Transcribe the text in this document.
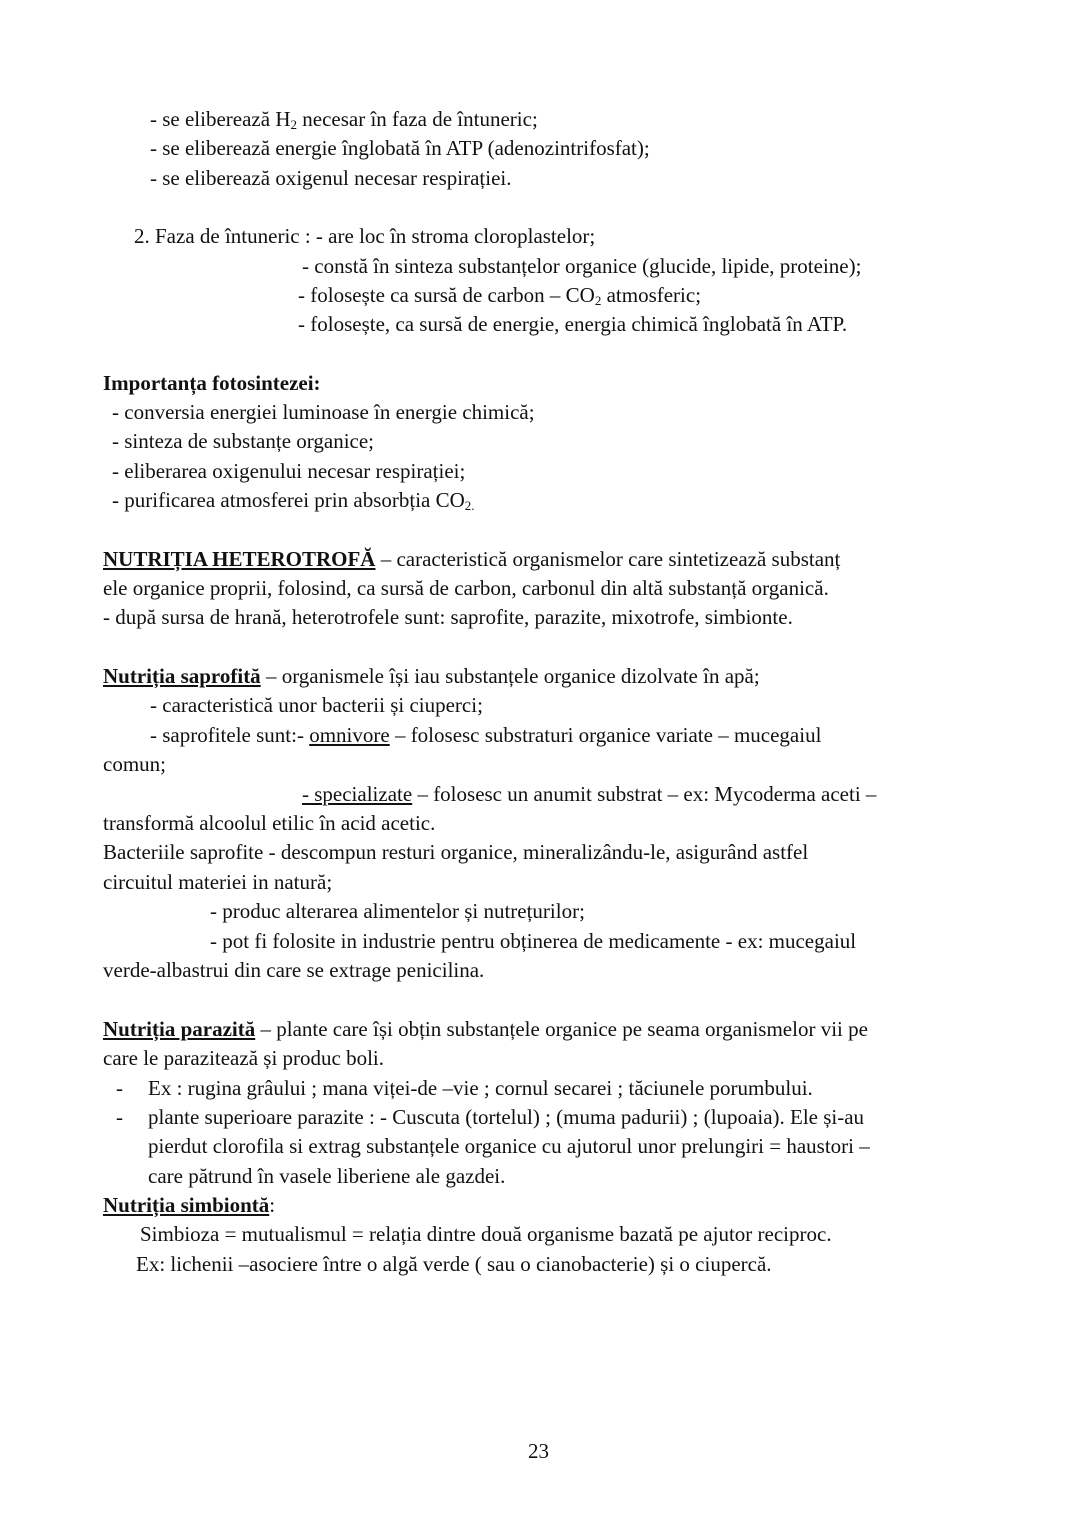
- se eliberează $H_2$ necesar în faza de întuneric;
- se eliberează energie înglobată în ATP (adenozintrifosfat);
- se eliberează oxigenul necesar respirației.
2. Faza de întuneric : - are loc în stroma cloroplastelor;
- constă în sinteza substanțelor organice (glucide, lipide, proteine);
- folosește ca sursă de carbon – $CO_2$ atmosferic;
- folosește, ca sursă de energie, energia chimică înglobată în ATP.
Importanța fotosintezei:
- conversia energiei luminoase în energie chimică;
- sinteza de substanțe organice;
- eliberarea oxigenului necesar respirației;
- purificarea atmosferei prin absorbția $CO_{2.}$
NUTRIȚIA HETEROTROFĂ – caracteristică organismelor care sintetizează substanț
ele organice proprii, folosind, ca sursă de carbon, carbonul din altă substanță organică.
- după sursa de hrană, heterotrofele sunt: saprofite, parazite, mixotrofe, simbionte.
Nutriția saprofită – organismele își iau substanțele organice dizolvate în apă;
- caracteristică unor bacterii și ciuperci;
- saprofitele sunt:- omnivore – folosesc substraturi organice variate – mucegaiul
comun;
- specializate – folosesc un anumit substrat – ex: Mycoderma aceti –
transformă alcoolul etilic în acid acetic.
Bacteriile saprofite - descompun resturi organice, mineralizându-le, asigurând astfel
circuitul materiei in natură;
- produc alterarea alimentelor și nutrețurilor;
- pot fi folosite in industrie pentru obținerea de medicamente - ex: mucegaiul
verde-albastrui din care se extrage penicilina.
Nutriția parazită – plante care își obțin substanțele organice pe seama organismelor vii pe
care le parazitează și produc boli.
- Ex : rugina grâului ; mana viței-de –vie ; cornul secarei ; tăciunele porumbului.
- plante superioare parazite : - Cuscuta (tortelul) ; (muma padurii) ; (lupoaia). Ele și-au
pierdut clorofila si extrag substanțele organice cu ajutorul unor prelungiri = haustori –
care pătrund în vasele liberiene ale gazdei.
Nutriția simbiontă:
Simbioza = mutualismul = relația dintre două organisme bazată pe ajutor reciproc.
Ex: lichenii –asociere între o algă verde ( sau o cianobacterie) și o ciupercă.
23
